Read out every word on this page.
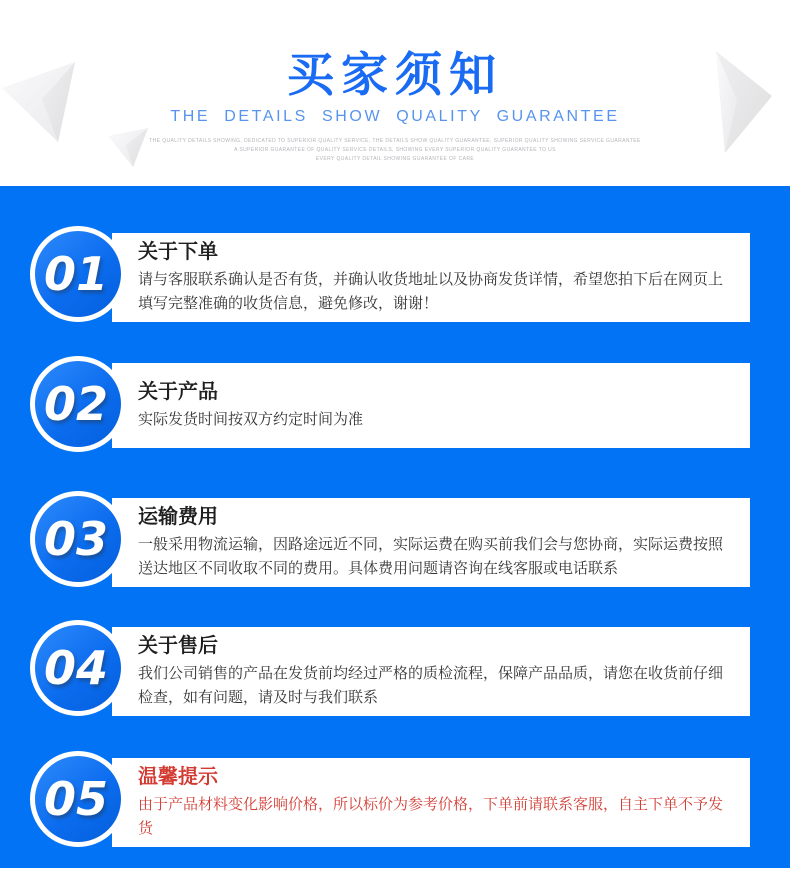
买家须知
THE DETAILS SHOW QUALITY GUARANTEE
THE QUALITY DETAILS SHOWING, DEDICATED TO SUPERIOR QUALITY SERVICE, THE DETAILS SHOW QUALITY GUARANTEE, SUPERIOR QUALITY SHOWING SERVICE GUARANTEE
A SUPERIOR GUARANTEE OF QUALITY SERVICE DETAILS, SHOWING EVERY SUPERIOR QUALITY GUARANTEE TO US
EVERY QUALITY DETAIL SHOWING GUARANTEE OF CARE
01 关于下单
请与客服联系确认是否有货，并确认收货地址以及协商发货详情，希望您拍下后在网页上填写完整准确的收货信息，避免修改，谢谢！
02 关于产品
实际发货时间按双方约定时间为准
03 运输费用
一般采用物流运输，因路途远近不同，实际运费在购买前我们会与您协商，实际运费按照送达地区不同收取不同的费用。具体费用问题请咨询在线客服或电话联系
04 关于售后
我们公司销售的产品在发货前均经过严格的质检流程，保障产品品质，请您在收货前仔细检查，如有问题，请及时与我们联系
05 温馨提示
由于产品材料变化影响价格，所以标价为参考价格，下单前请联系客服，自主下单不予发货
